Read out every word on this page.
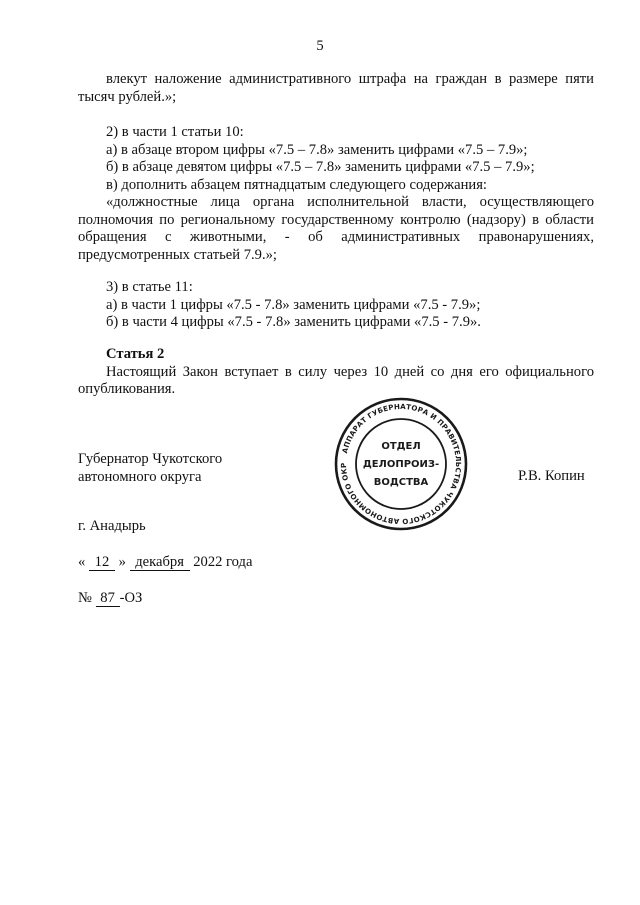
5

влекут наложение административного штрафа на граждан в размере пяти

тысяч рублей.»;

2) в части 1 статьи 10:

а) в абзаце втором цифры «7.5 – 7.8» заменить цифрами «7.5 – 7.9»;

б) в абзаце девятом цифры «7.5 – 7.8» заменить цифрами «7.5 – 7.9»;

в) дополнить абзацем пятнадцатым следующего содержания:

«должностные лица органа исполнительной власти, осуществляющего полномочия по региональному государственному контролю (надзору) в области обращения с животными, - об административных правонарушениях, предусмотренных статьей 7.9.»;

3) в статье 11:

а) в части 1 цифры «7.5 - 7.8» заменить цифрами «7.5 - 7.9»;

б) в части 4 цифры «7.5 - 7.8» заменить цифрами «7.5 - 7.9».

Статья 2

Настоящий Закон вступает в силу через 10 дней со дня его официального опубликования.

Губернатор Чукотского

автономного округа	Р.В. Копин
АППАРАТ ГУБЕРНАТОРА И ПРАВИТЕЛЬСТВА ЧУКОТСКОГО АВТОНОМНОГО ОКР
ОТДЕЛ
ДЕЛОПРОИЗ-
ВОДСТВА
г. Анадырь
« 12 » декабря 2022 года
№ 87 -ОЗ
